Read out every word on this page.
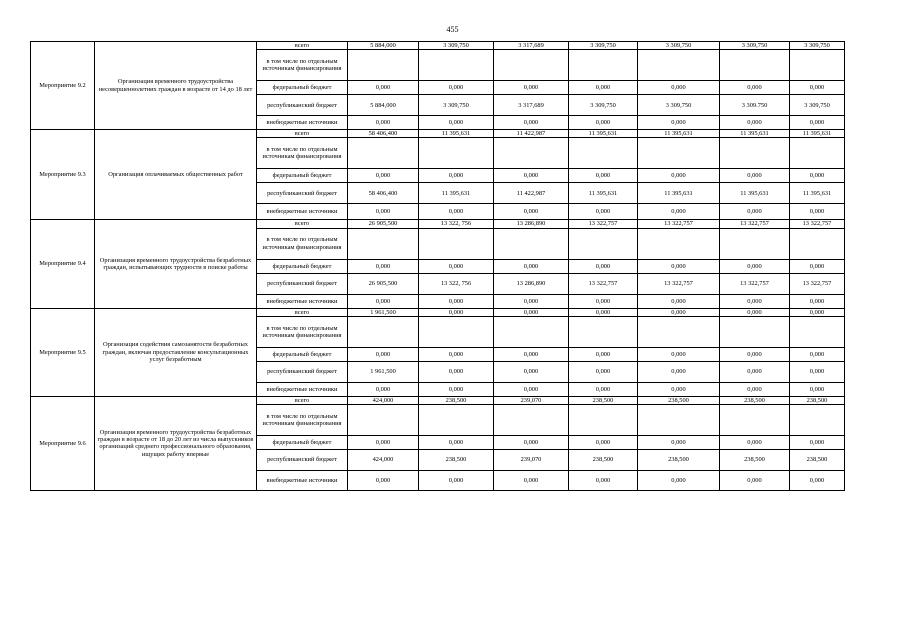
455
Мероприятие 9.2	Организация временного трудоустройства несовершеннолетних граждан в возрасте от 14 до 18 лет	всего	5 884,000	3 309,750	3 317,689	3 309,750	3 309,750	3 309,750	3 309,750
		в том числе по отдельным источникам финансирования							
		федеральный бюджет	0,000	0,000	0,000	0,000	0,000	0,000	0,000
		республиканский бюджет	5 884,000	3 309,750	3 317,689	3 309,750	3 309,750	3 309.750	3 309,750
		внебюджетные источники	0,000	0,000	0,000	0,000	0,000	0,000	0,000
Мероприятие 9.3	Организация оплачиваемых общественных работ	всего	58 406,400	11 395,631	11 422,987	11 395,631	11 395,631	11 395,631	11 395,631
		в том числе по отдельным источникам финансирования							
		федеральный бюджет	0,000	0,000	0,000	0,000	0,000	0,000	0,000
		республиканский бюджет	58 406,400	11 395,631	11 422,987	11 395,631	11 395,631	11 395,631	11 395,631
		внебюджетные источники	0,000	0,000	0,000	0,000	0,000	0,000	0,000
Мероприятие 9.4	Организация временного трудоустройства безработных граждан, испытывающих трудности в поиске работы	всего	26 905,500	13 322, 756	13 286,890	13 322,757	13 322,757	13 322,757	13 322,757
		в том числе по отдельным источникам финансирования							
		федеральный бюджет	0,000	0,000	0,000	0,000	0,000	0,000	0,000
		республиканский бюджет	26 905,500	13 322, 756	13 286,890	13 322,757	13 322,757	13 322,757	13 322,757
		внебюджетные источники	0,000	0,000	0,000	0,000	0,000	0,000	0,000
Мероприятие 9.5	Организация содействия самозанятости безработных граждан, включая предоставление консультационных услуг безработным	всего	1 961,500	0,000	0,000	0,000	0,000	0,000	0,000
		в том числе по отдельным источникам финансирования							
		федеральный бюджет	0,000	0,000	0,000	0,000	0,000	0,000	0,000
		республиканский бюджет	1 961,500	0,000	0,000	0,000	0,000	0,000	0,000
		внебюджетные источники	0,000	0,000	0,000	0,000	0,000	0,000	0,000
Мероприятие 9.6	Организация временного трудоустройства безработных граждан в возрасте от 18 до 20 лет из числа выпускников организаций среднего профессионального образования, ищущих работу впервые	всего	424,000	238,500	239,070	238,500	238,500	238,500	238,500
		в том числе по отдельным источникам финансирования							
		федеральный бюджет	0,000	0,000	0,000	0,000	0,000	0,000	0,000
		республиканский бюджет	424,000	238,500	239,070	238,500	238,500	238,500	238,500
		внебюджетные источники	0,000	0,000	0,000	0,000	0,000	0,000	0,000
